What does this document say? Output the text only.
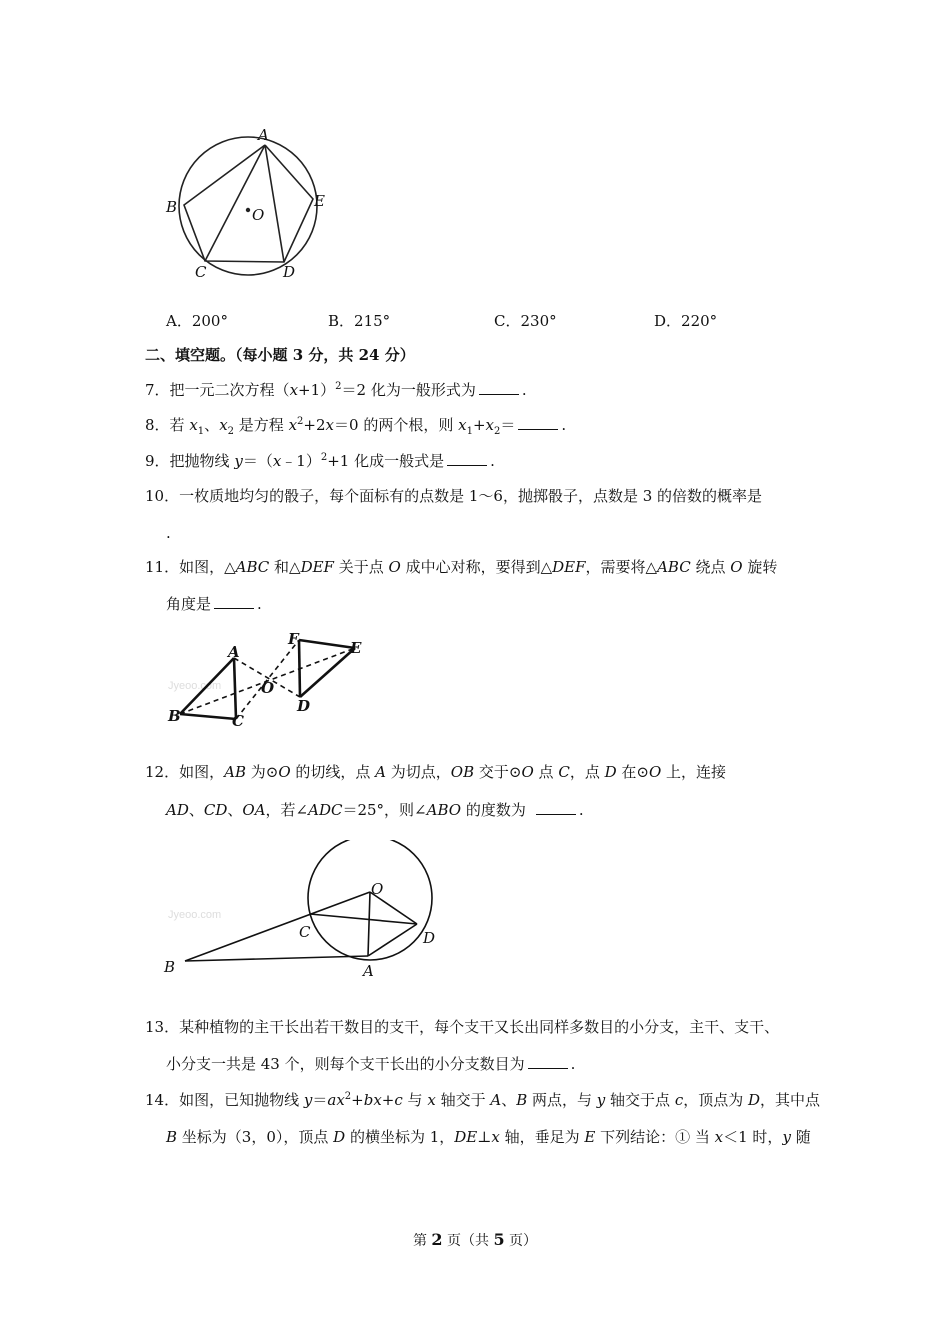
A
B
C	D
E
O
A．200°	B．215°	C．230°	D．220°
二、填空题。（每小题 3 分，共 24 分）
7．把一元二次方程$(x+1)^2=2$ 化为一般形式为	.
8．若 $x_1$、$x_2$ 是方程 $x^2+2x=0$ 的两个根，则 $x_1+x_2=$	.
9．把抛物线 y＝（x﹣1）$^2$+1 化成一般式是	.
10．一枚质地均匀的骰子，每个面标有的点数是 1～6，抛掷骰子，点数是 3 的倍数的概率是
.
11．如图，△ABC 和△DEF 关于点 O 成中心对称，要得到△DEF，需要将△ABC 绕点 O 旋转
角度是	.
Jyeoo.com
A
B	C
O
D
F	E
12．如图，AB 为⊙O 的切线，点 A 为切点，OB 交于⊙O 点 C，点 D 在⊙O 上，连接
AD、CD、OA，若∠ADC＝25°，则∠ABO 的度数为	.
Jyeoo.com
O
C	D
B	A
13．某种植物的主干长出若干数目的支干，每个支干又长出同样多数目的小分支，主干、支干、
小分支一共是 43 个，则每个支干长出的小分支数目为	.
14．如图，已知抛物线 $y=ax^2+bx+c$ 与 x 轴交于 A、B 两点，与 y 轴交于点 c，顶点为 D，其中点
B 坐标为（3，0），顶点 D 的横坐标为 1，DE⊥x 轴，垂足为 E 下列结论：① 当 x＜1 时，y 随
第 2 页（共 5 页）
